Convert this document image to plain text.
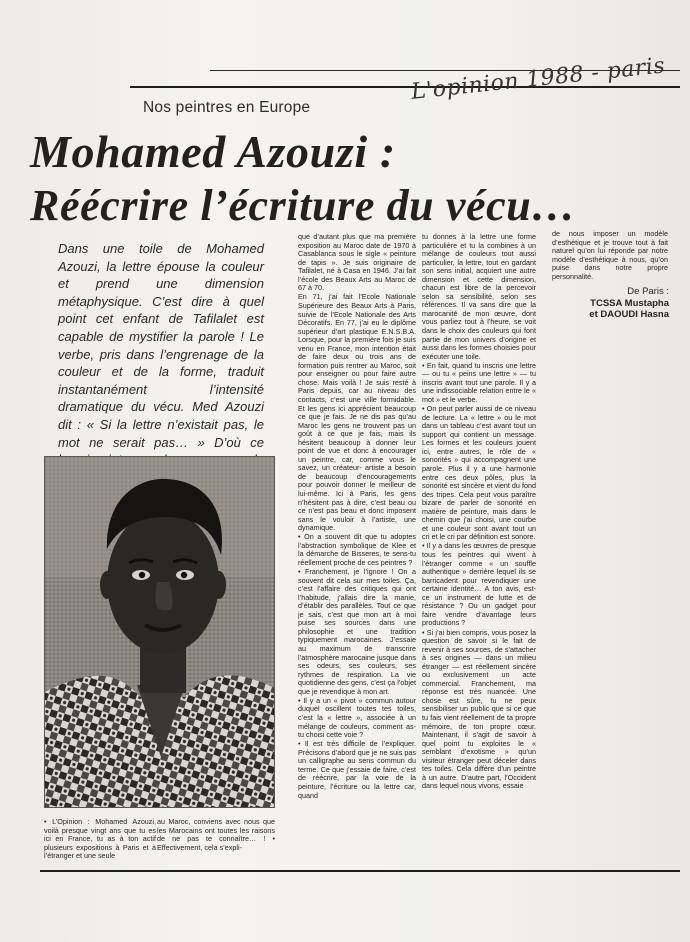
Nos peintres en Europe
L'opinion 1988 - paris
Mohamed Azouzi :
Réécrire l’écriture du vécu…

Dans une toile de Mohamed Azouzi, la lettre épouse la couleur et prend une dimension métaphysique. C’est dire à quel point cet enfant de Tafilalet est capable de mystifier la parole ! Le verbe, pris dans l’engrenage de la couleur et de la forme, traduit instantanément l’intensité dramatique du vécu. Med Azouzi dit : « Si la lettre n’existait pas, le mot ne serait pas… » D’où ce

• L’Opinion : Mohamed Azouzi, voilà presque vingt ans que tu es ici en France, tu as à ton actif plusieurs expositions à Paris et à l’étranger et une seule

au Maroc, conviens avec nous que les Marocains ont toutes les raisons de ne pas te connaître… ! • Effectivement, cela s’expli-

que d’autant plus que ma première exposition au Maroc date de 1970 à Casablanca sous le sigle « peinture de tapis ». Je suis originaire de Tafilalet, né à Casa en 1946. J’ai fait l’école des Beaux Arts au Maroc de 67 à 70.

En 71, j’ai fait l’Ecole Nationale Supérieure des Beaux Arts à Paris, suivie de l’Ecole Nationale des Arts Décoratifs. En 77, j’ai eu le diplôme supérieur d’art plastique E.N.S.B.A. Lorsque, pour la première fois je suis venu en France, mon intention était de faire deux ou trois ans de formation puis rentrer au Maroc, soit pour enseigner ou pour faire autre chose. Mais voilà ! Je suis resté à Paris depuis, car au niveau des contacts, c’est une ville formidable. Et les gens ici apprécient beaucoup ce que je fais. Je ne dis pas qu’au Maroc les gens ne trouvent pas un goût à ce que je fais, mais ils hésitent beaucoup à donner leur point de vue et donc à encourager un peintre, car, comme vous le savez, un créateur- artiste a besoin de beaucoup d’encouragements pour pouvoir donner le meilleur de lui-même. Ici à Paris, les gens n’hésitent pas à dire, c’est beau ou ce n’est pas beau et donc imposent sans le vouloir à l’artiste, une dynamique.

• On a souvent dit que tu adoptes l’abstraction symbolique de Klee et la démarche de Bisseres, te sens-tu réellement proche de ces peintres ?

• Franchement, je l’ignore ! On a souvent dit cela sur mes toiles. Ça, c’est l’affaire des critiques qui ont l’habitude, j’allais dire la manie, d’établir des parallèles. Tout ce que je sais, c’est que mon art à moi puise ses sources dans une philosophie et une tradition typiquement marocaines. J’essaie au maximum de transcrire l’atmosphère marocaine jusque dans ses odeurs, ses couleurs, ses rythmes de respiration. La vie quotidienne des gens, c’est ça l’objet que je revendique à mon art.

• Il y a un « pivot » commun autour duquel oscillent toutes tes toiles, c’est la « lettre », associée à un mélange de couleurs, comment as-tu choisi cette voie ?

• Il est très difficile de l’expliquer. Précisons d’abord que je ne suis pas un calligraphe au sens commun du terme. Ce que j’essaie de faire, c’est de réécrire, par la voie de la peinture, l’écriture ou la lettre car, quand

tu donnes à la lettre une forme particulière et tu la combines à un mélange de couleurs tout aussi particulier, la lettre, tout en gardant son sens initial, acquiert une autre dimension et cette dimension, chacun est libre de la percevoir selon sa sensibilité, selon ses références. Il va sans dire que la marocanité de mon œuvre, dont vous parliez tout à l’heure, se voit dans le choix des couleurs qui font partie de mon univers d’origine et aussi dans les formes choisies pour exécuter une toile.

• En fait, quand tu inscris une lettre — ou tu « peins une lettre » — tu inscris avant tout une parole. Il y a une indissociable relation entre le « mot » et le verbe.

• On peut parler aussi de ce niveau de lecture. La « lettre » ou le mot dans un tableau c’est avant tout un support qui contient un message. Les formes et les couleurs jouent ici, entre autres, le rôle de « sonorités » qui accompagnent une parole. Plus il y a une harmonie entre ces deux pôles, plus la sonorité est sincère et vient du fond des tripes. Cela peut vous paraître bizare de parler de sonorité en matière de peinture, mais dans le chemin que j’ai choisi, une courbe et une couleur sont avant tout un cri et le cri par définition est sonore.

• Il y a dans les œuvres de presque tous les peintres qui vivent à l’étranger comme « un souffle authentique » derrière lequel ils se barricadent pour revendiquer une certaine identité… A ton avis, est-ce un instrument de lutte et de résistance ? Ou un gadget pour faire vendre d’avantage leurs productions ?

• Si j’ai bien compris, vous posez la question de savoir si le fait de revenir à ses sources, de s’attacher à ses origines — dans un milieu étranger — est réellement sincère ou exclusivement un acte commercial. Franchement, ma réponse est très nuancée. Une chose est sûre, tu ne peux sensibiliser un public que si ce que tu fais vient réellement de ta propre mémoire, de ton propre cœur. Maintenant, il s’agit de savoir à quel point tu exploites le « semblant d’exotisme » qu’un visiteur étranger peut déceler dans tes toiles. Cela diffère d’un peintre à un autre. D’autre part, l’Occident dans lequel nous vivons, essaie

de nous imposer un modèle d’esthétique et je trouve tout à fait naturel qu’on lui réponde par notre modèle d’esthétique à nous, qu’on puise dans notre propre personnalité.

De Paris :
TCSSA Mustapha
et DAOUDI Hasna
